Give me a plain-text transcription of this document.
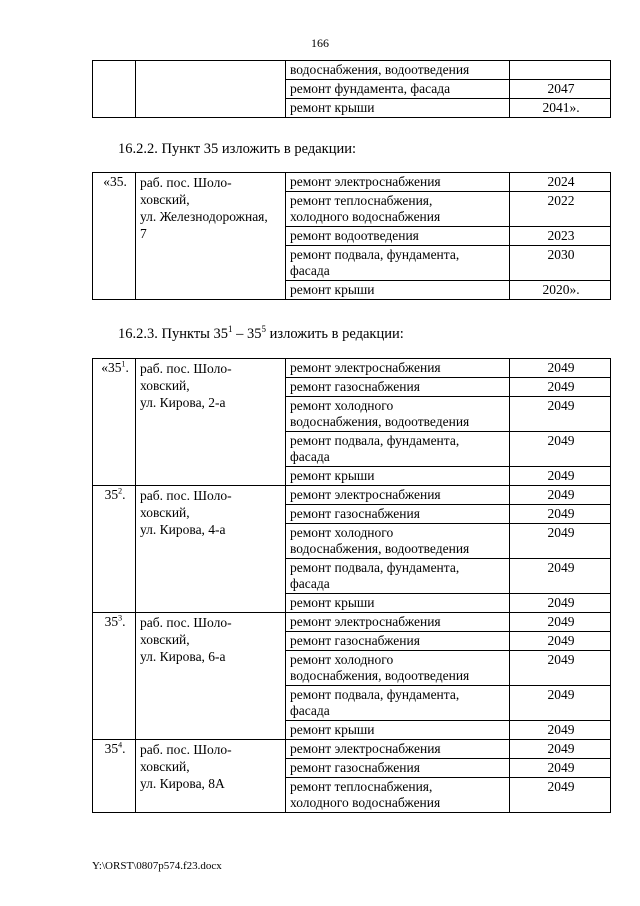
166
		водоснабжения, водоотведения	
		ремонт фундамента, фасада	2047
		ремонт крыши	2041».
16.2.2. Пункт 35 изложить в редакции:
«35.	раб. пос. Шоло-
ховский,
ул. Железнодорожная,
7	ремонт электроснабжения	2024
		ремонт теплоснабжения,
холодного водоснабжения	2022
		ремонт водоотведения	2023
		ремонт подвала, фундамента,
фасада	2030
		ремонт крыши	2020».
16.2.3. Пункты $35^1 - 35^5$ изложить в редакции:
«$35^1$.	раб. пос. Шоло-
ховский,
ул. Кирова, 2-а	ремонт электроснабжения	2049
		ремонт газоснабжения	2049
		ремонт холодного
водоснабжения, водоотведения	2049
		ремонт подвала, фундамента,
фасада	2049
		ремонт крыши	2049
$35^2$.	раб. пос. Шоло-
ховский,
ул. Кирова, 4-а	ремонт электроснабжения	2049
		ремонт газоснабжения	2049
		ремонт холодного
водоснабжения, водоотведения	2049
		ремонт подвала, фундамента,
фасада	2049
		ремонт крыши	2049
$35^3$.	раб. пос. Шоло-
ховский,
ул. Кирова, 6-а	ремонт электроснабжения	2049
		ремонт газоснабжения	2049
		ремонт холодного
водоснабжения, водоотведения	2049
		ремонт подвала, фундамента,
фасада	2049
		ремонт крыши	2049
$35^4$.	раб. пос. Шоло-
ховский,
ул. Кирова, 8А	ремонт электроснабжения	2049
		ремонт газоснабжения	2049
		ремонт теплоснабжения,
холодного водоснабжения	2049
Y:\ORST\0807p574.f23.docx
